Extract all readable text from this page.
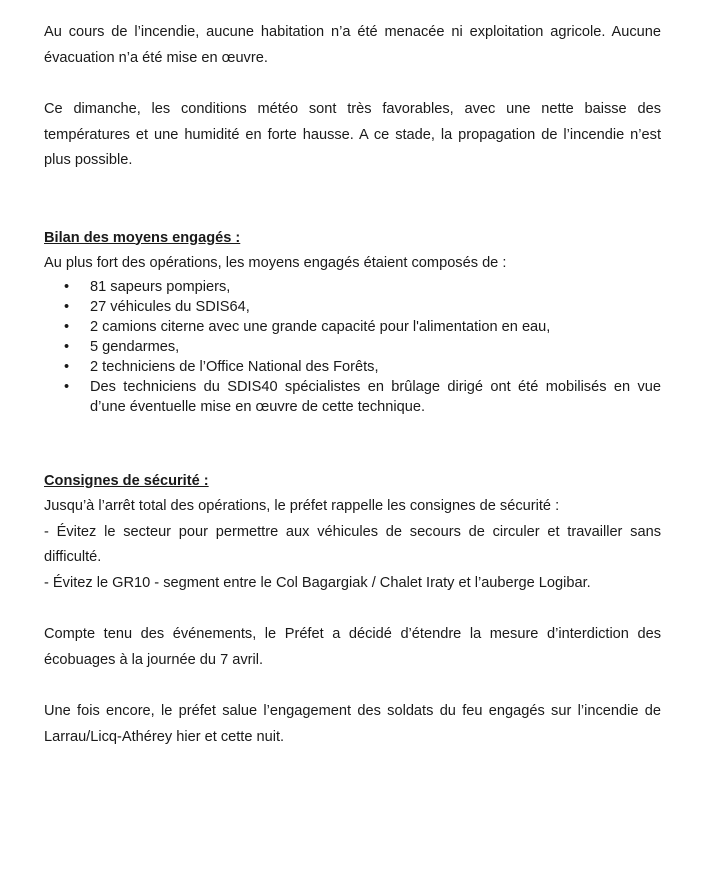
Au cours de l’incendie, aucune habitation n’a été menacée ni exploitation agricole. Aucune évacuation n’a été mise en œuvre.

Ce dimanche, les conditions météo sont très favorables, avec une nette baisse des températures et une humidité en forte hausse. A ce stade, la propagation de l’incendie n’est plus possible.

Bilan des moyens engagés :

Au plus fort des opérations, les moyens engagés étaient composés de :

• 81 sapeurs pompiers,
• 27 véhicules du SDIS64,
• 2 camions citerne avec une grande capacité pour l'alimentation en eau,
• 5 gendarmes,
• 2 techniciens de l’Office National des Forêts,
• Des techniciens du SDIS40 spécialistes en brûlage dirigé ont été mobilisés en vue d’une éventuelle mise en œuvre de cette technique.

Consignes de sécurité :

Jusqu’à l’arrêt total des opérations, le préfet rappelle les consignes de sécurité :

- Évitez le secteur pour permettre aux véhicules de secours de circuler et travailler sans difficulté.

- Évitez le GR10 - segment entre le Col Bagargiak / Chalet Iraty et l’auberge Logibar.

Compte tenu des événements, le Préfet a décidé d’étendre la mesure d’interdiction des écobuages à la journée du 7 avril.

Une fois encore, le préfet salue l’engagement des soldats du feu engagés sur l’incendie de Larrau/Licq-Athérey hier et cette nuit.
